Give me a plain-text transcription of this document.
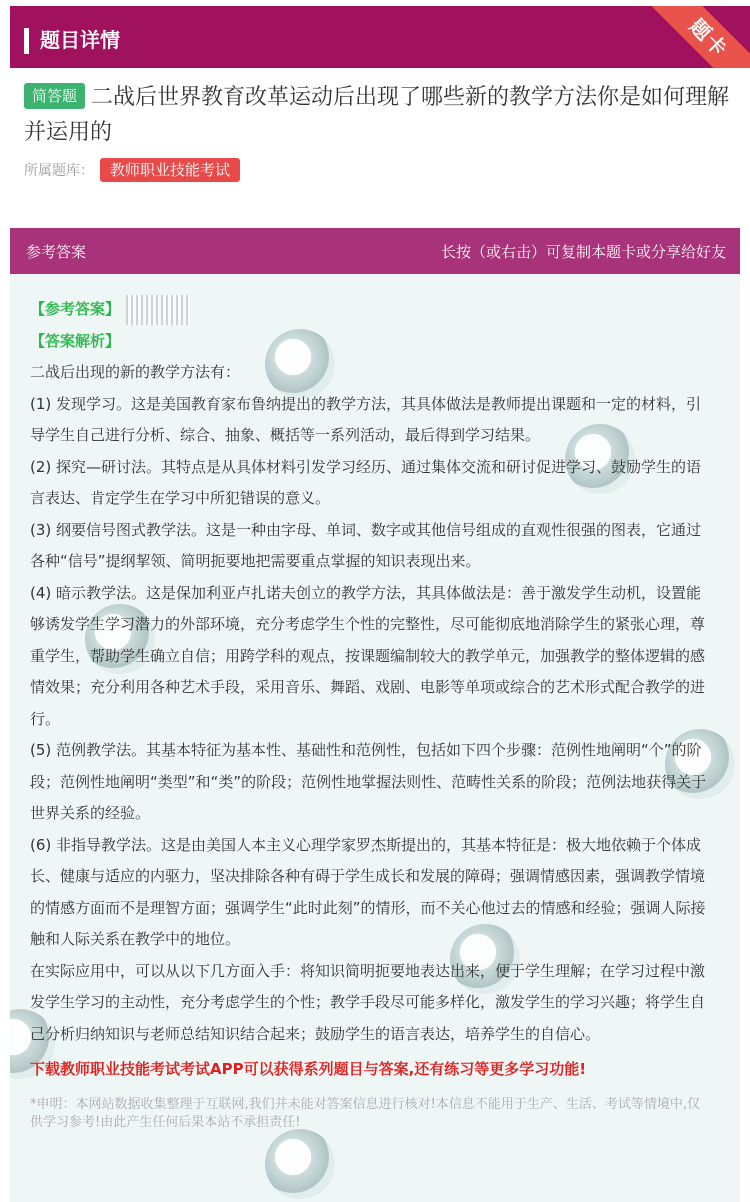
题目详情	题卡
简答题 二战后世界教育改革运动后出现了哪些新的教学方法你是如何理解并运用的
所属题库： 教师职业技能考试
参考答案	长按（或右击）可复制本题卡或分享给好友
【参考答案】
【答案解析】

二战后出现的新的教学方法有：

(1) 发现学习。这是美国教育家布鲁纳提出的教学方法，其具体做法是教师提出课题和一定的材料，引导学生自己进行分析、综合、抽象、概括等一系列活动，最后得到学习结果。

(2) 探究—研讨法。其特点是从具体材料引发学习经历、通过集体交流和研讨促进学习、鼓励学生的语言表达、肯定学生在学习中所犯错误的意义。

(3) 纲要信号图式教学法。这是一种由字母、单词、数字或其他信号组成的直观性很强的图表，它通过各种“信号”提纲挈领、简明扼要地把需要重点掌握的知识表现出来。

(4) 暗示教学法。这是保加利亚卢扎诺夫创立的教学方法，其具体做法是：善于激发学生动机，设置能够诱发学生学习潜力的外部环境，充分考虑学生个性的完整性，尽可能彻底地消除学生的紧张心理，尊重学生，帮助学生确立自信；用跨学科的观点，按课题编制较大的教学单元，加强教学的整体逻辑的感情效果；充分利用各种艺术手段，采用音乐、舞蹈、戏剧、电影等单项或综合的艺术形式配合教学的进行。

(5) 范例教学法。其基本特征为基本性、基础性和范例性，包括如下四个步骤：范例性地阐明“个”的阶段；范例性地阐明“类型”和“类”的阶段；范例性地掌握法则性、范畴性关系的阶段；范例法地获得关于世界关系的经验。

(6) 非指导教学法。这是由美国人本主义心理学家罗杰斯提出的，其基本特征是：极大地依赖于个体成长、健康与适应的内驱力，坚决排除各种有碍于学生成长和发展的障碍；强调情感因素，强调教学情境的情感方面而不是理智方面；强调学生“此时此刻”的情形，而不关心他过去的情感和经验；强调人际接触和人际关系在教学中的地位。

在实际应用中，可以从以下几方面入手：将知识简明扼要地表达出来，便于学生理解；在学习过程中激发学生学习的主动性，充分考虑学生的个性；教学手段尽可能多样化，激发学生的学习兴趣；将学生自己分析归纳知识与老师总结知识结合起来；鼓励学生的语言表达，培养学生的自信心。

下载教师职业技能考试考试APP可以获得系列题目与答案,还有练习等更多学习功能!
*申明：本网站数据收集整理于互联网,我们并未能对答案信息进行核对!本信息不能用于生产、生活、考试等情境中,仅供学习参考!由此产生任何后果本站不承担责任!
